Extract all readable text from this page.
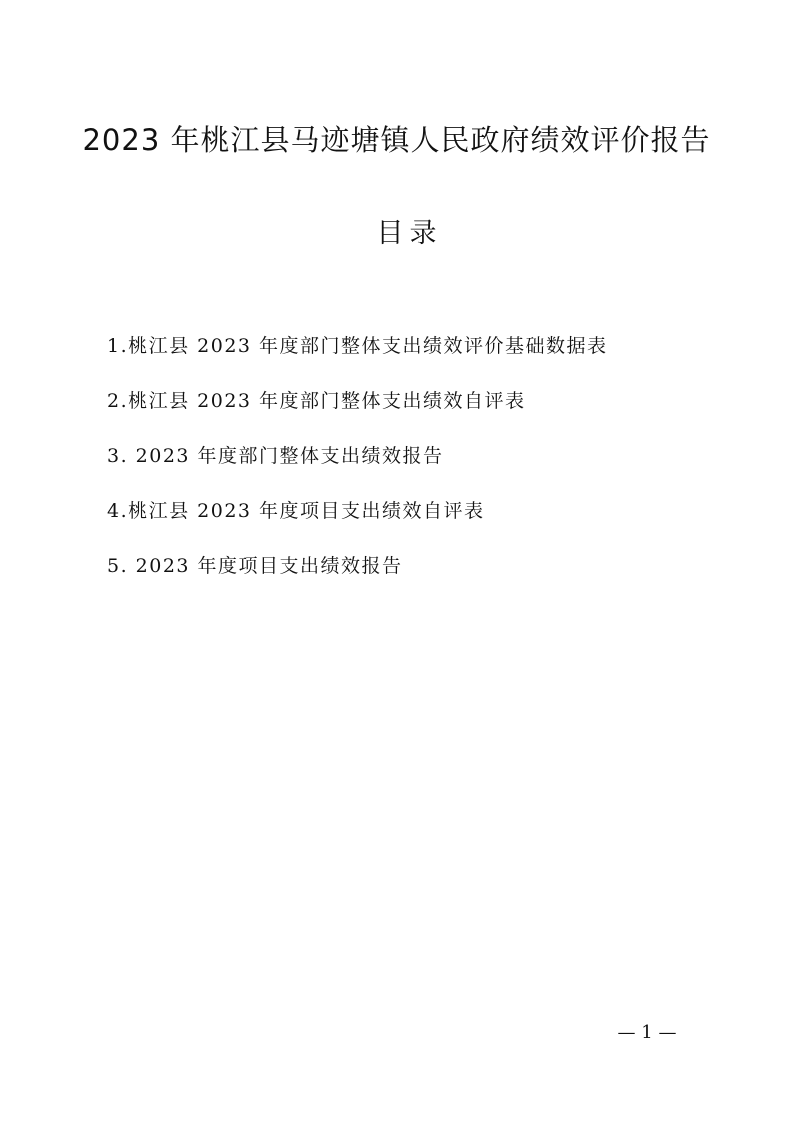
2023 年桃江县马迹塘镇人民政府绩效评价报告
目录
1.桃江县 2023 年度部门整体支出绩效评价基础数据表
2.桃江县 2023 年度部门整体支出绩效自评表
3. 2023 年度部门整体支出绩效报告
4.桃江县 2023 年度项目支出绩效自评表
5. 2023 年度项目支出绩效报告
— 1 —
